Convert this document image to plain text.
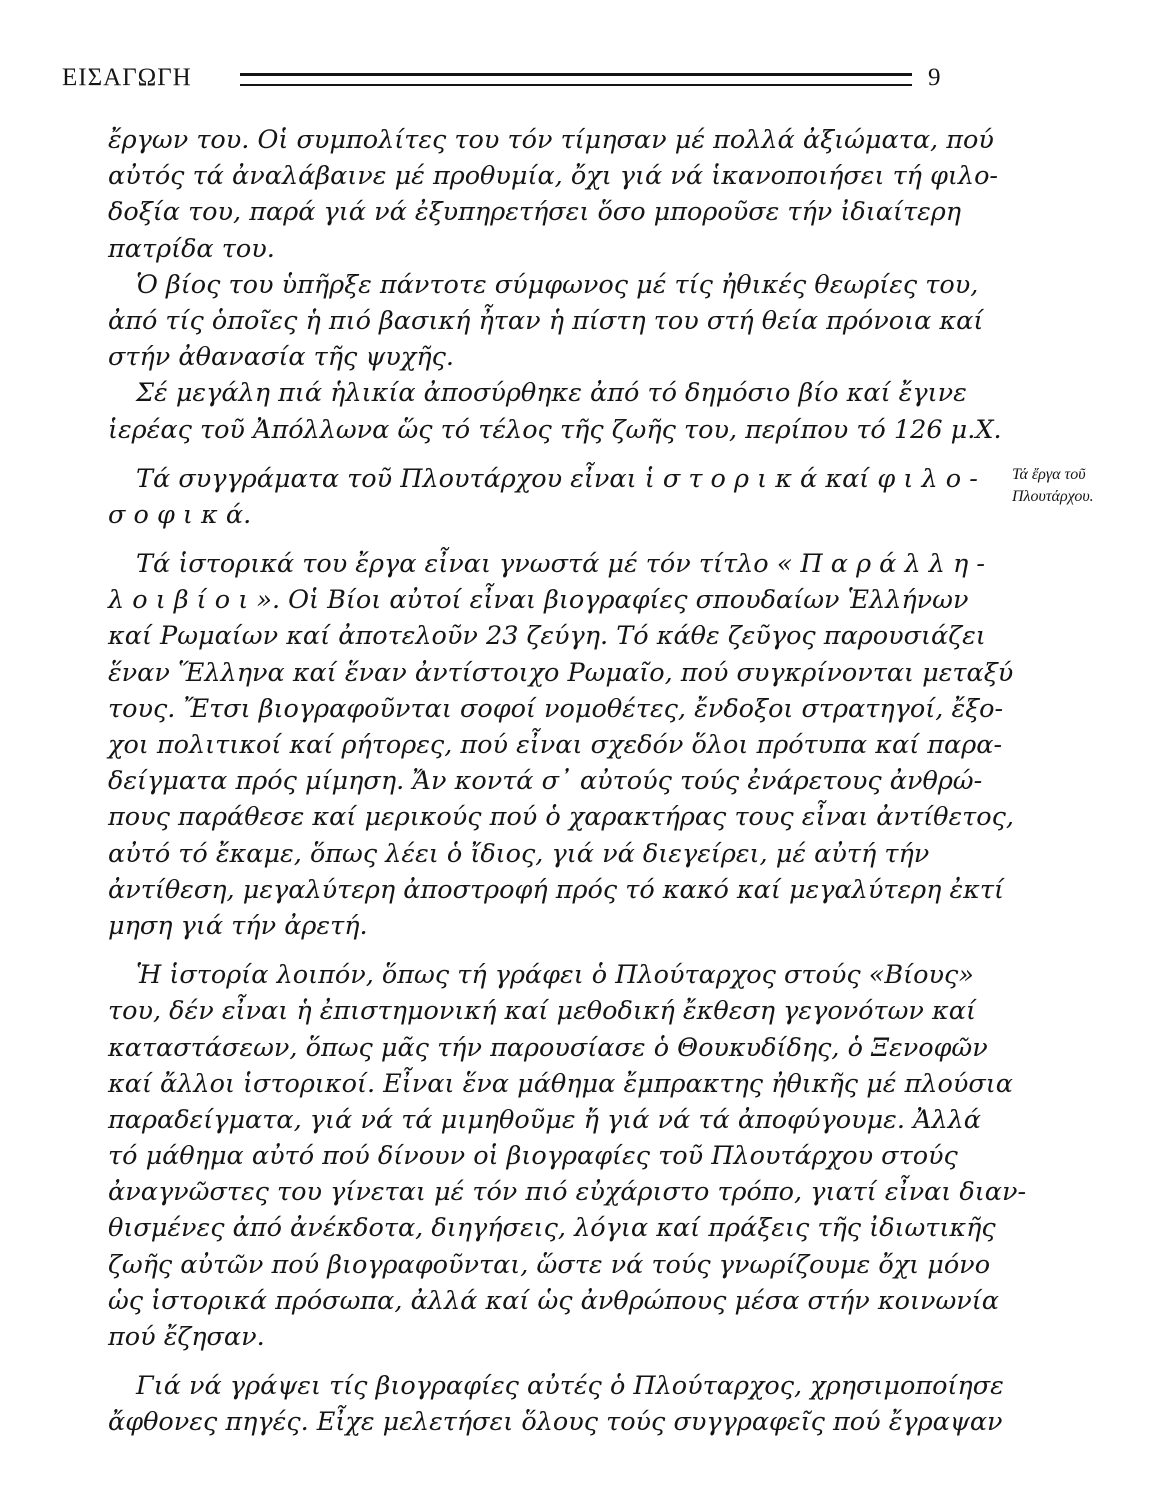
ΕΙΣΑΓΩΓΗ	9
ἔργων του. Οἱ συμπολίτες του τόν τίμησαν μέ πολλά ἀξιώματα, πού
αὐτός τά ἀναλάβαινε μέ προθυμία, ὄχι γιά νά ἱκανοποιήσει τή φιλο-
δοξία του, παρά γιά νά ἐξυπηρετήσει ὅσο μποροῦσε τήν ἰδιαίτερη
πατρίδα του.
Ὁ βίος του ὑπῆρξε πάντοτε σύμφωνος μέ τίς ἠθικές θεωρίες του,
ἀπό τίς ὁποῖες ἡ πιό βασική ἦταν ἡ πίστη του στή θεία πρόνοια καί
στήν ἀθανασία τῆς ψυχῆς.
Σέ μεγάλη πιά ἡλικία ἀποσύρθηκε ἀπό τό δημόσιο βίο καί ἔγινε
ἱερέας τοῦ Ἀπόλλωνα ὥς τό τέλος τῆς ζωῆς του, περίπου τό 126 μ.Χ.
Τά συγγράματα τοῦ Πλουτάρχου εἶναι ἱ σ τ ο ρ ι κ ά καί φ ι λ ο -
σ ο φ ι κ ά.
Τά ἱστορικά του ἔργα εἶναι γνωστά μέ τόν τίτλο « Π α ρ ά λ λ η -
λ ο ι β ί ο ι ». Οἱ Βίοι αὐτοί εἶναι βιογραφίες σπουδαίων Ἑλλήνων
καί Ρωμαίων καί ἀποτελοῦν 23 ζεύγη. Τό κάθε ζεῦγος παρουσιάζει
ἕναν Ἕλληνα καί ἕναν ἀντίστοιχο Ρωμαῖο, πού συγκρίνονται μεταξύ
τους. Ἔτσι βιογραφοῦνται σοφοί νομοθέτες, ἔνδοξοι στρατηγοί, ἔξο-
χοι πολιτικοί καί ρήτορες, πού εἶναι σχεδόν ὅλοι πρότυπα καί παρα-
δείγματα πρός μίμηση. Ἄν κοντά σ᾽ αὐτούς τούς ἐνάρετους ἀνθρώ-
πους παράθεσε καί μερικούς πού ὁ χαρακτήρας τους εἶναι ἀντίθετος,
αὐτό τό ἔκαμε, ὅπως λέει ὁ ἴδιος, γιά νά διεγείρει, μέ αὐτή τήν
ἀντίθεση, μεγαλύτερη ἀποστροφή πρός τό κακό καί μεγαλύτερη ἐκτί
μηση γιά τήν ἀρετή.
Ἡ ἱστορία λοιπόν, ὅπως τή γράφει ὁ Πλούταρχος στούς «Βίους»
του, δέν εἶναι ἡ ἐπιστημονική καί μεθοδική ἔκθεση γεγονότων καί
καταστάσεων, ὅπως μᾶς τήν παρουσίασε ὁ Θουκυδίδης, ὁ Ξενοφῶν
καί ἄλλοι ἱστορικοί. Εἶναι ἕνα μάθημα ἔμπρακτης ἠθικῆς μέ πλούσια
παραδείγματα, γιά νά τά μιμηθοῦμε ἤ γιά νά τά ἀποφύγουμε. Ἀλλά
τό μάθημα αὐτό πού δίνουν οἱ βιογραφίες τοῦ Πλουτάρχου στούς
ἀναγνῶστες του γίνεται μέ τόν πιό εὐχάριστο τρόπο, γιατί εἶναι διαν-
θισμένες ἀπό ἀνέκδοτα, διηγήσεις, λόγια καί πράξεις τῆς ἰδιωτικῆς
ζωῆς αὐτῶν πού βιογραφοῦνται, ὥστε νά τούς γνωρίζουμε ὄχι μόνο
ὡς ἱστορικά πρόσωπα, ἀλλά καί ὡς ἀνθρώπους μέσα στήν κοινωνία
πού ἔζησαν.
Γιά νά γράψει τίς βιογραφίες αὐτές ὁ Πλούταρχος, χρησιμοποίησε
ἄφθονες πηγές. Εἶχε μελετήσει ὅλους τούς συγγραφεῖς πού ἔγραψαν
Τά ἔργα τοῦ
Πλουτάρχου.
